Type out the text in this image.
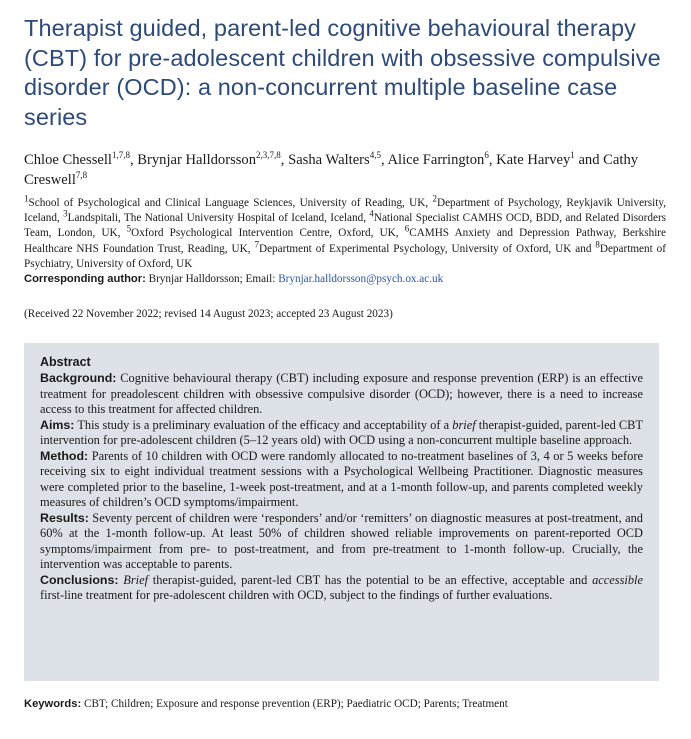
Therapist guided, parent-led cognitive behavioural therapy (CBT) for pre-adolescent children with obsessive compulsive disorder (OCD): a non-concurrent multiple baseline case series
Chloe Chessell$^{1,7,8}$, Brynjar Halldorsson$^{2,3,7,8}$, Sasha Walters$^{4,5}$, Alice Farrington$^6$, Kate Harvey$^1$ and Cathy Creswell$^{7,8}$
$^1$School of Psychological and Clinical Language Sciences, University of Reading, UK, $^2$Department of Psychology, Reykjavik University, Iceland, $^3$Landspitali, The National University Hospital of Iceland, Iceland, $^4$National Specialist CAMHS OCD, BDD, and Related Disorders Team, London, UK, $^5$Oxford Psychological Intervention Centre, Oxford, UK, $^6$CAMHS Anxiety and Depression Pathway, Berkshire Healthcare NHS Foundation Trust, Reading, UK, $^7$Department of Experimental Psychology, University of Oxford, UK and $^8$Department of Psychiatry, University of Oxford, UK
Corresponding author: Brynjar Halldorsson; Email: Brynjar.halldorsson@psych.ox.ac.uk
(Received 22 November 2022; revised 14 August 2023; accepted 23 August 2023)
Abstract

Background: Cognitive behavioural therapy (CBT) including exposure and response prevention (ERP) is an effective treatment for preadolescent children with obsessive compulsive disorder (OCD); however, there is a need to increase access to this treatment for affected children.

Aims: This study is a preliminary evaluation of the efficacy and acceptability of a brief therapist-guided, parent-led CBT intervention for pre-adolescent children (5–12 years old) with OCD using a non-concurrent multiple baseline approach.

Method: Parents of 10 children with OCD were randomly allocated to no-treatment baselines of 3, 4 or 5 weeks before receiving six to eight individual treatment sessions with a Psychological Wellbeing Practitioner. Diagnostic measures were completed prior to the baseline, 1-week post-treatment, and at a 1-month follow-up, and parents completed weekly measures of children’s OCD symptoms/impairment.

Results: Seventy percent of children were ‘responders’ and/or ‘remitters’ on diagnostic measures at post-treatment, and 60% at the 1-month follow-up. At least 50% of children showed reliable improvements on parent-reported OCD symptoms/impairment from pre- to post-treatment, and from pre-treatment to 1-month follow-up. Crucially, the intervention was acceptable to parents.

Conclusions: Brief therapist-guided, parent-led CBT has the potential to be an effective, acceptable and accessible first-line treatment for pre-adolescent children with OCD, subject to the findings of further evaluations.

Keywords: CBT; Children; Exposure and response prevention (ERP); Paediatric OCD; Parents; Treatment
